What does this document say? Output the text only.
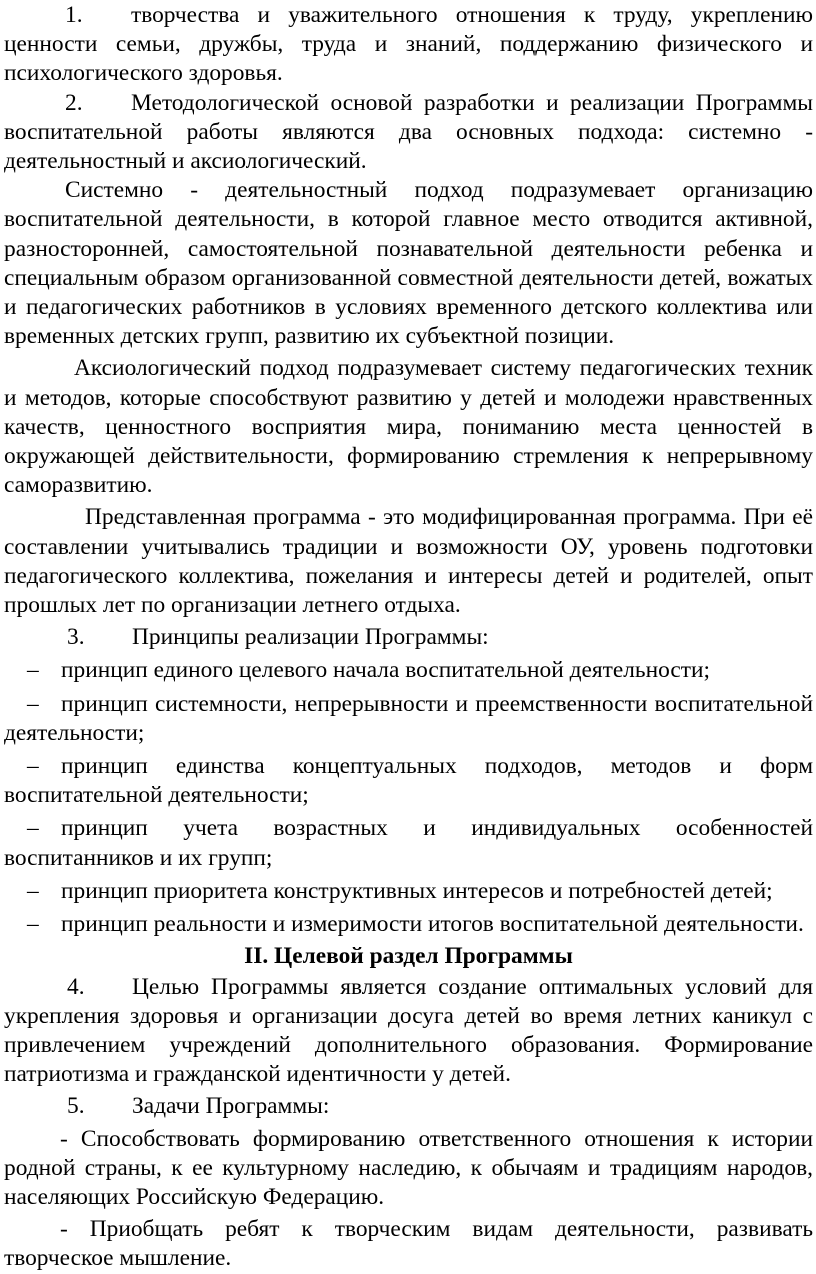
1. творчества и уважительного отношения к труду, укреплению ценности семьи, дружбы, труда и знаний, поддержанию физического и психологического здоровья.

2. Методологической основой разработки и реализации Программы воспитательной работы являются два основных подхода: системно - деятельностный и аксиологический.

Системно - деятельностный подход подразумевает организацию воспитательной деятельности, в которой главное место отводится активной, разносторонней, самостоятельной познавательной деятельности ребенка и специальным образом организованной совместной деятельности детей, вожатых и педагогических работников в условиях временного детского коллектива или временных детских групп, развитию их субъектной позиции.

Аксиологический подход подразумевает систему педагогических техник и методов, которые способствуют развитию у детей и молодежи нравственных качеств, ценностного восприятия мира, пониманию места ценностей в окружающей действительности, формированию стремления к непрерывному саморазвитию.

Представленная программа - это модифицированная программа. При её составлении учитывались традиции и возможности ОУ, уровень подготовки педагогического коллектива, пожелания и интересы детей и родителей, опыт прошлых лет по организации летнего отдыха.

3. Принципы реализации Программы:

– принцип единого целевого начала воспитательной деятельности;

– принцип системности, непрерывности и преемственности воспитательной деятельности;

– принцип единства концептуальных подходов, методов и форм воспитательной деятельности;

– принцип учета возрастных и индивидуальных особенностей воспитанников и их групп;

– принцип приоритета конструктивных интересов и потребностей детей;

– принцип реальности и измеримости итогов воспитательной деятельности.

II. Целевой раздел Программы

4. Целью Программы является создание оптимальных условий для укрепления здоровья и организации досуга детей во время летних каникул с привлечением учреждений дополнительного образования. Формирование патриотизма и гражданской идентичности у детей.

5. Задачи Программы:

- Способствовать формированию ответственного отношения к истории родной страны, к ее культурному наследию, к обычаям и традициям народов, населяющих Российскую Федерацию.

- Приобщать ребят к творческим видам деятельности, развивать творческое мышление.
